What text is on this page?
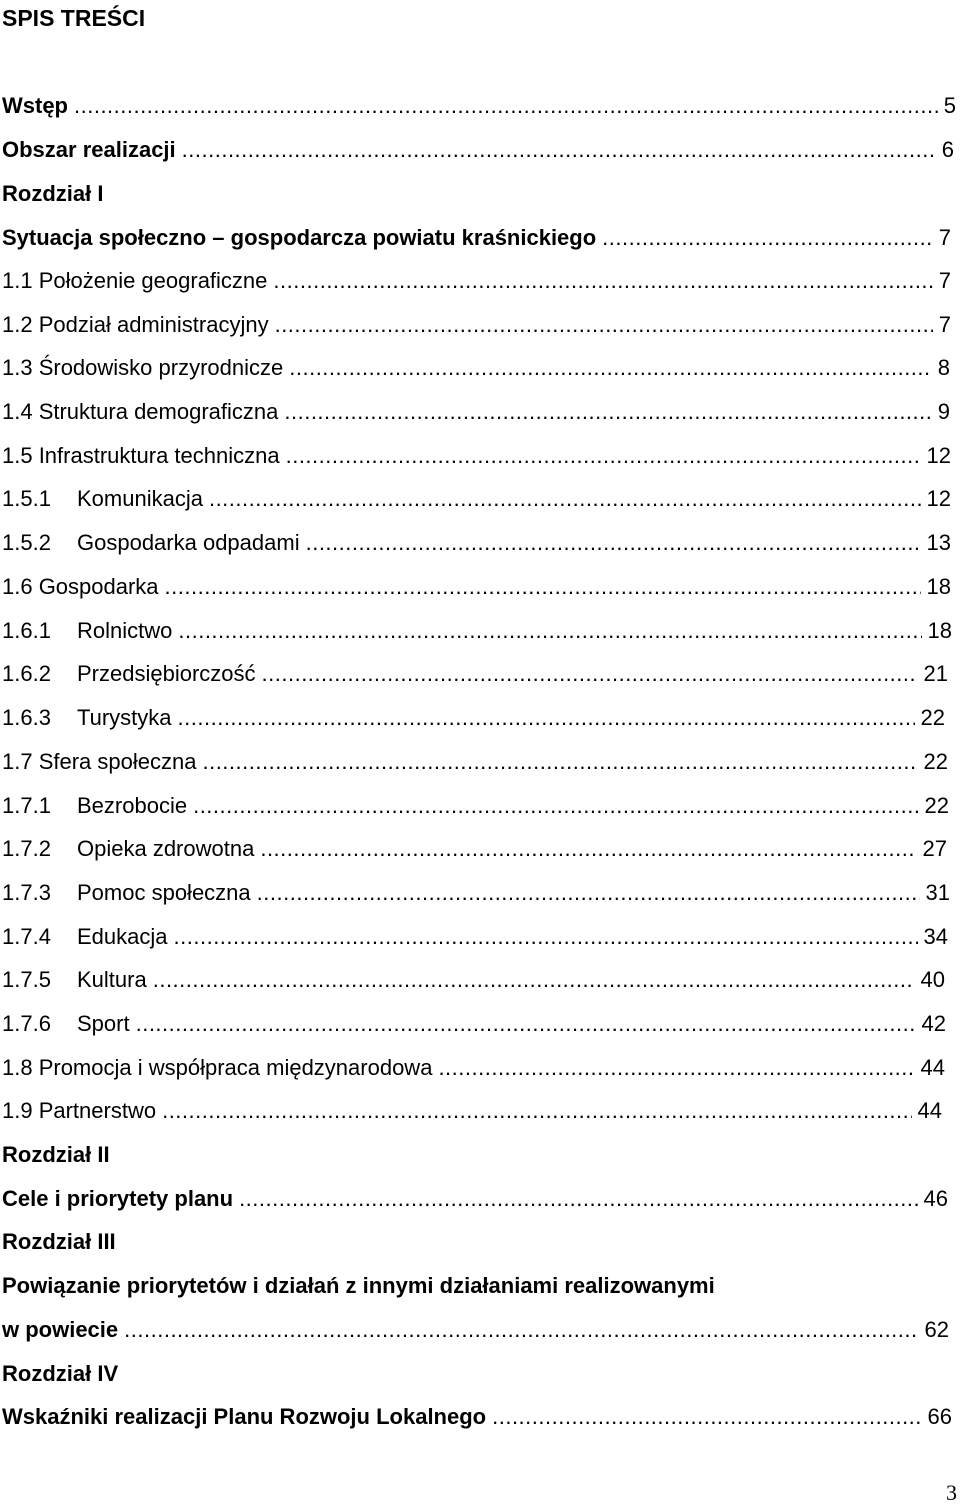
SPIS TREŚCI
Wstęp .....	5
Obszar realizacji .....	6
Rozdział I
Sytuacja społeczno – gospodarcza powiatu kraśnickiego .....	7
1.1 Położenie geograficzne .....	7
1.2 Podział administracyjny .....	7
1.3 Środowisko przyrodnicze .....	8
1.4 Struktura demograficzna .....	9
1.5 Infrastruktura techniczna .....	12
1.5.1	Komunikacja .....	12
1.5.2	Gospodarka odpadami .....	13
1.6 Gospodarka .....	18
1.6.1	Rolnictwo .....	18
1.6.2	Przedsiębiorczość .....	21
1.6.3	Turystyka .....	22
1.7 Sfera społeczna .....	22
1.7.1	Bezrobocie .....	22
1.7.2	Opieka zdrowotna .....	27
1.7.3	Pomoc społeczna .....	31
1.7.4	Edukacja .....	34
1.7.5	Kultura .....	40
1.7.6	Sport .....	42
1.8 Promocja i współpraca międzynarodowa .....	44
1.9 Partnerstwo .....	44
Rozdział II
Cele i priorytety planu .....	46
Rozdział III
Powiązanie priorytetów i działań z innymi działaniami realizowanymi
w powiecie .....	62
Rozdział IV
Wskaźniki realizacji Planu Rozwoju Lokalnego .....	66
3
